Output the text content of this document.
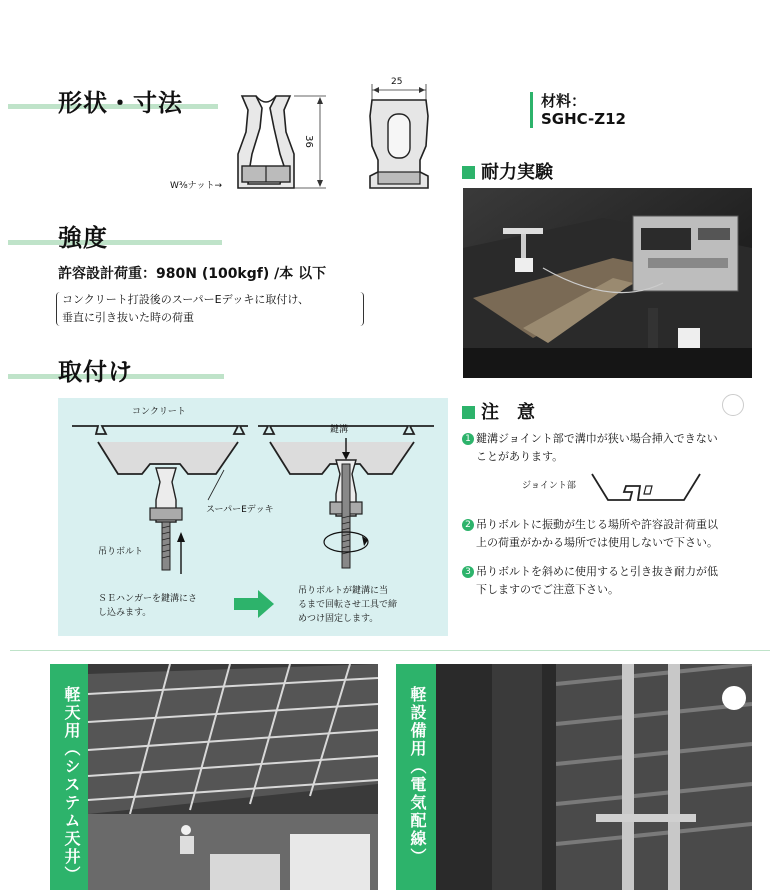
形状・寸法
36
W⅜ナット→
25
材料：
SGHC-Z12
耐力実験
強度
許容設計荷重：980N (100kgf) /本 以下
コンクリート打設後のスーパーEデッキに取付け、
垂直に引き抜いた時の荷重
取付け
コンクリート
鍵溝
スーパーEデッキ
吊りボルト
ＳＥハンガーを鍵溝にさ
し込みます。
吊りボルトが鍵溝に当
るまで回転させ工具で締
めつけ固定します。
注　意
1 鍵溝ジョイント部で溝巾が狭い場合挿入できない
ことがあります。
ジョイント部
2 吊りボルトに振動が生じる場所や許容設計荷重以
上の荷重がかかる場所では使用しないで下さい。
3 吊りボルトを斜めに使用すると引き抜き耐力が低
下しますのでご注意下さい。
軽天用（システム天井）	軽設備用（電気配線）
